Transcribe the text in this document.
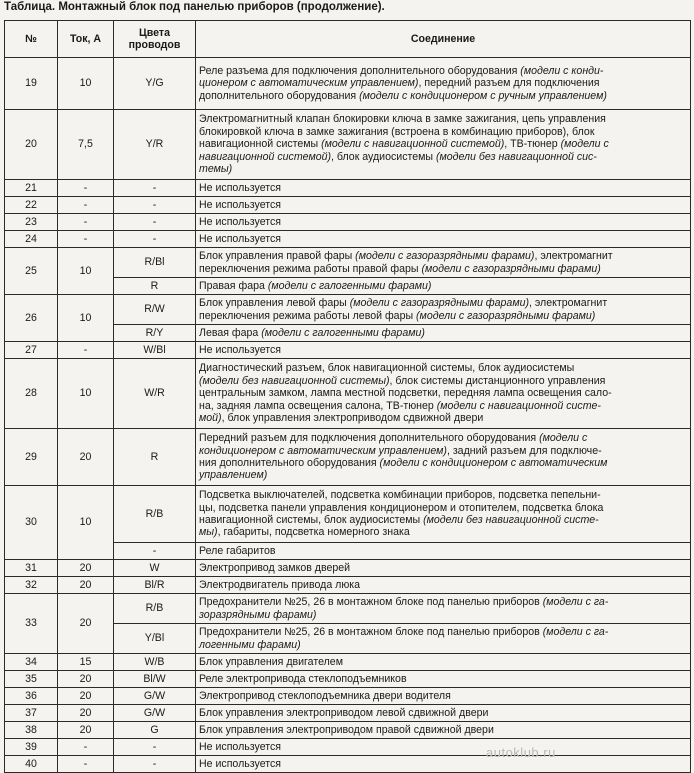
Таблица. Монтажный блок под панелью приборов (продолжение).
№	Ток, А	Цвета проводов	Соединение
19	10	Y/G	Реле разъема для подключения дополнительного оборудования (модели с конди-
ционером с автоматическим управлением), передний разъем для подключения
дополнительного оборудования (модели с кондиционером с ручным управлением)
20	7,5	Y/R	Электромагнитный клапан блокировки ключа в замке зажигания, цепь управления
блокировкой ключа в замке зажигания (встроена в комбинацию приборов), блок
навигационной системы (модели с навигационной системой), ТВ-тюнер (модели с
навигационной системой), блок аудиосистемы (модели без навигационной сис-
темы)
21	-	-	Не используется
22	-	-	Не используется
23	-	-	Не используется
24	-	-	Не используется
25	10	R/Bl	Блок управления правой фары (модели с газоразрядными фарами), электромагнит
переключения режима работы правой фары (модели с газоразрядными фарами)
		R	Правая фара (модели с галогенными фарами)
26	10	R/W	Блок управления левой фары (модели с газоразрядными фарами), электромагнит
переключения режима работы левой фары (модели с газоразрядными фарами)
		R/Y	Левая фара (модели с галогенными фарами)
27	-	W/Bl	Не используется
28	10	W/R	Диагностический разъем, блок навигационной системы, блок аудиосистемы
(модели без навигационной системы), блок системы дистанционного управления
центральным замком, лампа местной подсветки, передняя лампа освещения сало-
на, задняя лампа освещения салона, ТВ-тюнер (модели с навигационной систе-
мой), блок управления электроприводом сдвижной двери
29	20	R	Передний разъем для подключения дополнительного оборудования (модели с
кондиционером с автоматическим управлением), задний разъем для подключе-
ния дополнительного оборудования (модели с кондиционером с автоматическим
управлением)
30	10	R/B	Подсветка выключателей, подсветка комбинации приборов, подсветка пепельни-
цы, подсветка панели управления кондиционером и отопителем, подсветка блока
навигационной системы, блок аудиосистемы (модели без навигационной систе-
мы), габариты, подсветка номерного знака
		-	Реле габаритов
31	20	W	Электропривод замков дверей
32	20	Bl/R	Электродвигатель привода люка
33	20	R/B	Предохранители №25, 26 в монтажном блоке под панелью приборов (модели с га-
зоразрядными фарами)
		Y/Bl	Предохранители №25, 26 в монтажном блоке под панелью приборов (модели с га-
логенными фарами)
34	15	W/B	Блок управления двигателем
35	20	Bl/W	Реле электропривода стеклоподъемников
36	20	G/W	Электропривод стеклоподъемника двери водителя
37	20	G/W	Блок управления электроприводом левой сдвижной двери
38	20	G	Блок управления электроприводом правой сдвижной двери
39	-	-	Не используется
40	-	-	Не используется
autoklub.ru
